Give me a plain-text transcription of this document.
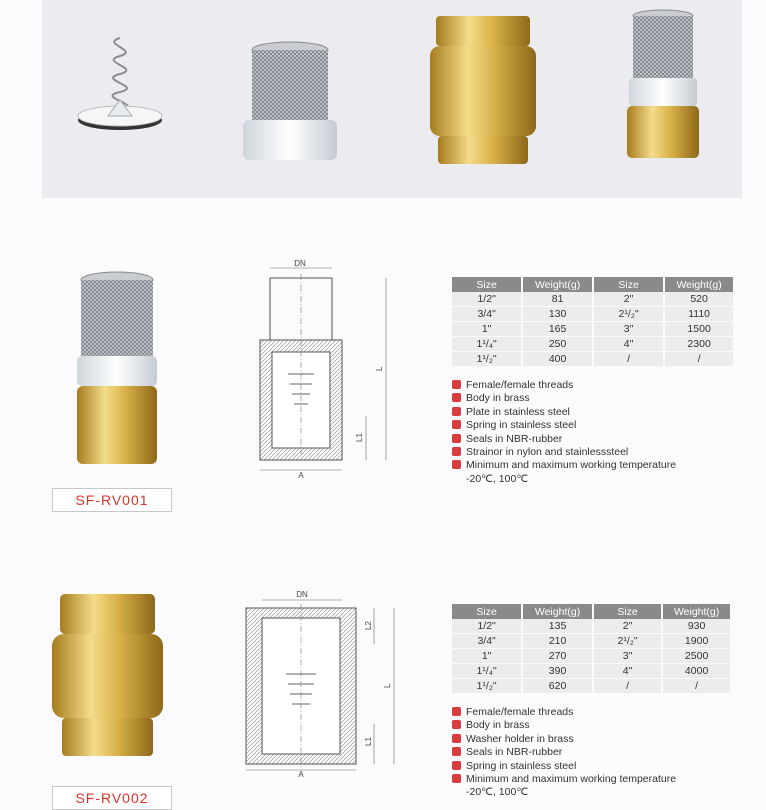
SF-RV001
DN
A
L
L1
Size	Weight(g)	Size	Weight(g)
1/2"	81	2"	520
3/4"	130	2¹/₂"	1110
1"	165	3"	1500
1¹/₄"	250	4"	2300
1¹/₂"	400	/	/
Female/female threads
Body in brass
Plate in stainless steel
Spring in stainless steel
Seals in NBR-rubber
Strainor in nylon and stainlesssteel
Minimum and maximum working temperature
-20℃, 100℃
SF-RV002
DN
A
L2
L
L1
Size	Weight(g)	Size	Weight(g)
1/2"	135	2"	930
3/4"	210	2¹/₂"	1900
1"	270	3"	2500
1¹/₄"	390	4"	4000
1¹/₂"	620	/	/
Female/female threads
Body in brass
Washer holder in brass
Seals in NBR-rubber
Spring in stainless steel
Minimum and maximum working temperature
-20℃, 100℃
